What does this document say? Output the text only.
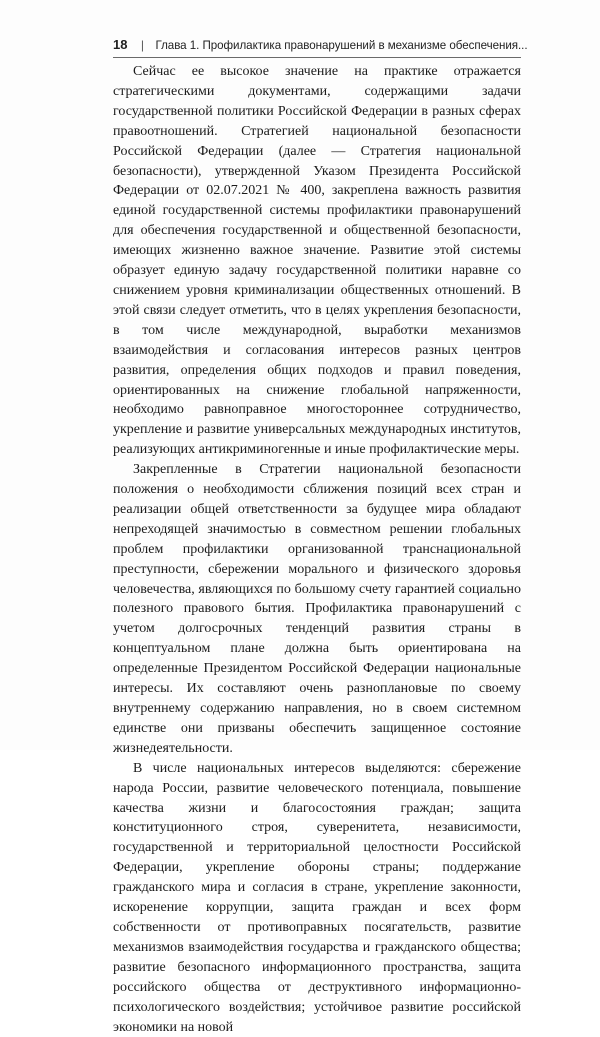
18 | Глава 1. Профилактика правонарушений в механизме обеспечения...

Сейчас ее высокое значение на практике отражается стратегическими документами, содержащими задачи государственной политики Российской Федерации в разных сферах правоотношений. Стратегией национальной безопасности Российской Федерации (далее — Стратегия национальной безопасности), утвержденной Указом Президента Российской Федерации от 02.07.2021 № 400, закреплена важность развития единой государственной системы профилактики правонарушений для обеспечения государственной и общественной безопасности, имеющих жизненно важное значение. Развитие этой системы образует единую задачу государственной политики наравне со снижением уровня криминализации общественных отношений. В этой связи следует отметить, что в целях укрепления безопасности, в том числе международной, выработки механизмов взаимодействия и согласования интересов разных центров развития, определения общих подходов и правил поведения, ориентированных на снижение глобальной напряженности, необходимо равноправное многостороннее сотрудничество, укрепление и развитие универсальных международных институтов, реализующих антикриминогенные и иные профилактические меры.

Закрепленные в Стратегии национальной безопасности положения о необходимости сближения позиций всех стран и реализации общей ответственности за будущее мира обладают непреходящей значимостью в совместном решении глобальных проблем профилактики организованной транснациональной преступности, сбережении морального и физического здоровья человечества, являющихся по большому счету гарантией социально полезного правового бытия. Профилактика правонарушений с учетом долгосрочных тенденций развития страны в концептуальном плане должна быть ориентирована на определенные Президентом Российской Федерации национальные интересы. Их составляют очень разноплановые по своему внутреннему содержанию направления, но в своем системном единстве они призваны обеспечить защищенное состояние жизнедеятельности.

В числе национальных интересов выделяются: сбережение народа России, развитие человеческого потенциала, повышение качества жизни и благосостояния граждан; защита конституционного строя, суверенитета, независимости, государственной и территориальной целостности Российской Федерации, укрепление обороны страны; поддержание гражданского мира и согласия в стране, укрепление законности, искоренение коррупции, защита граждан и всех форм собственности от противоправных посягательств, развитие механизмов взаимодействия государства и гражданского общества; развитие безопасного информационного пространства, защита российского общества от деструктивного информационно-психологического воздействия; устойчивое развитие российской экономики на новой
